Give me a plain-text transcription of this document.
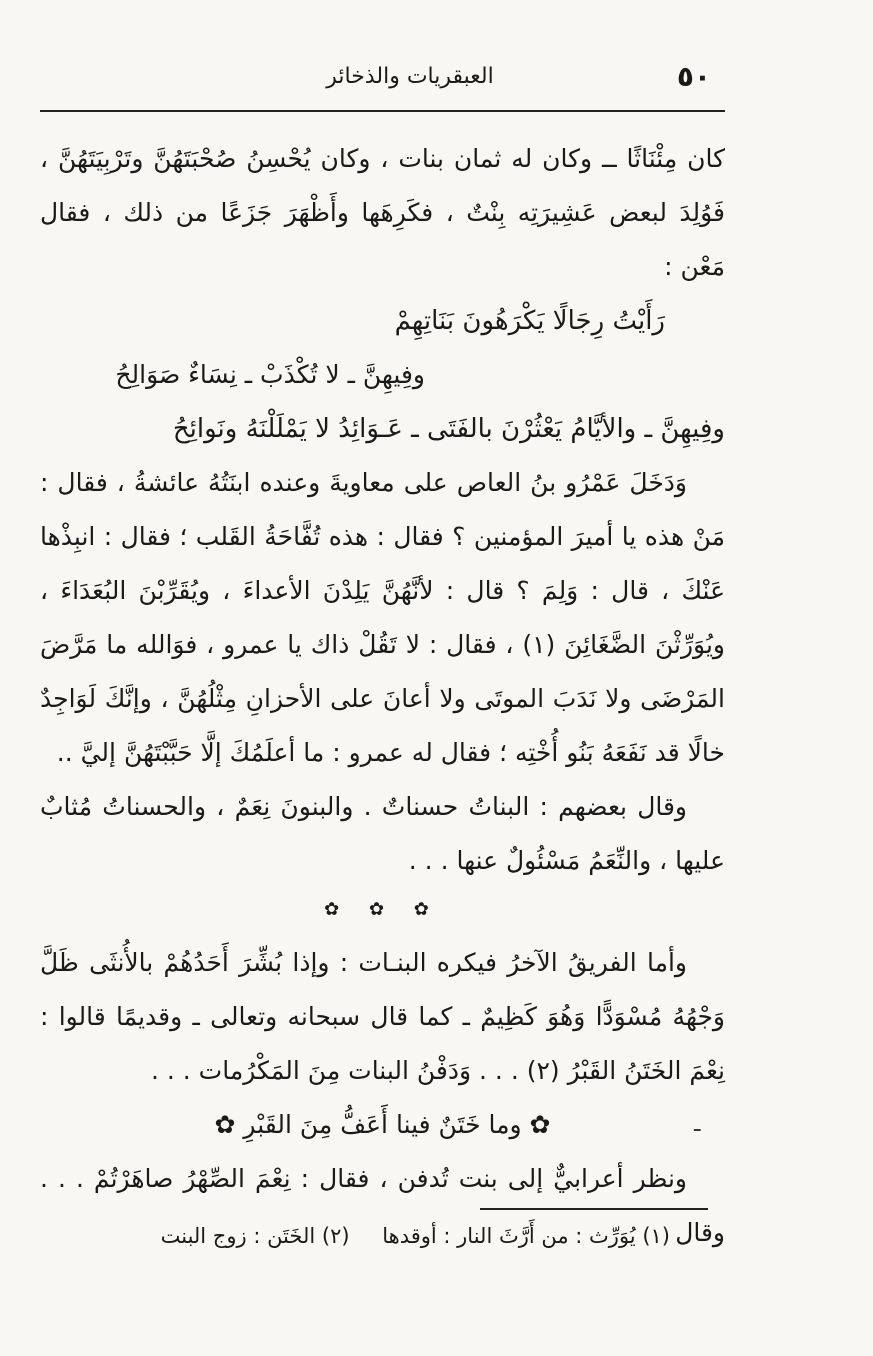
٥٠
العبقريات والذخائر

كان مِئْنَاثًا ــ وكان له ثمان بنات ، وكان يُحْسِنُ صُحْبَتَهُنَّ وتَرْبِيَتَهُنَّ ، فَوُلِدَ لبعض عَشِيرَتِه بِنْتٌ ، فكَرِهَها وأَظْهَرَ جَزَعًا من ذلك ، فقال مَعْن :

رَأَيْتُ رِجَالًا يَكْرَهُونَ بَنَاتِهِمْ

وفِيهِنَّ ـ لا تُكْذَبْ ـ نِسَاءٌ صَوَالِحُ

وفِيهِنَّ ـ والأيَّامُ يَعْثُرْنَ بالفَتَى ـ عَـوَائِدُ لا يَمْلَلْنَهُ ونَوائِحُ

وَدَخَلَ عَمْرُو بنُ العاص على معاويةَ وعنده ابنَتُهُ عائشةُ ، فقال : مَنْ هذه يا أميرَ المؤمنين ؟ فقال : هذه تُفَّاحَةُ القَلب ؛ فقال : انبِذْها عَنْكَ ، قال : وَلِمَ ؟ قال : لأنَّهُنَّ يَلِدْنَ الأعداءَ ، ويُقَرِّبْنَ البُعَدَاءَ ، ويُوَرِّثْنَ الضَّغَائِنَ (١) ، فقال : لا تَقُلْ ذاك يا عمرو ، فوَالله ما مَرَّضَ المَرْضَى ولا نَدَبَ الموتَى ولا أعانَ على الأحزانِ مِثْلُهُنَّ ، وإنَّكَ لَوَاجِدٌ خالًا قد نَفَعَهُ بَنُو أُخْتِه ؛ فقال له عمرو : ما أعلَمُكَ إلَّا حَبَّبْتَهُنَّ إليَّ ..

وقال بعضهم : البناتُ حسناتٌ . والبنونَ نِعَمٌ ، والحسناتُ مُثابٌ عليها ، والنِّعَمُ مَسْئُولٌ عنها . . .

✿ ✿ ✿

وأما الفريقُ الآخرُ فيكره البنـات : وإذا بُشِّرَ أَحَدُهُمْ بالأُنثَى ظَلَّ وَجْهُهُ مُسْوَدًّا وَهُوَ كَظِيمٌ ـ كما قال سبحانه وتعالى ـ وقديمًا قالوا : نِعْمَ الخَتَنُ القَبْرُ (٢) . . . وَدَفْنُ البنات مِنَ المَكْرُمات . . .

✿ وما خَتَنٌ فينا أَعَفُّ مِنَ القَبْرِ ✿

ونظر أعرابيٌّ إلى بنت تُدفن ، فقال : نِعْمَ الصِّهْرُ صاهَرْتُمْ . . . وقال

ـ
(١) يُوَرِّث : من أَرَّثَ النار : أوقدها (٢) الخَتَن : زوج البنت
